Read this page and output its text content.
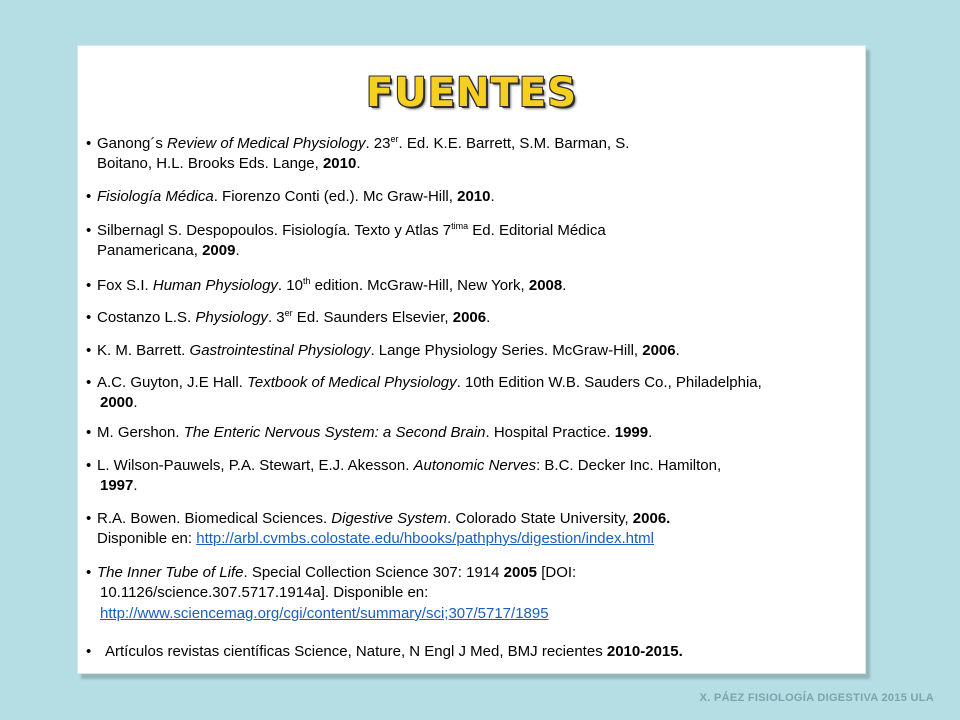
FUENTES
• Ganong´s Review of Medical Physiology. 23er. Ed. K.E. Barrett, S.M. Barman, S.
Boitano, H.L. Brooks Eds. Lange, 2010.
• Fisiología Médica. Fiorenzo Conti (ed.). Mc Graw-Hill, 2010.
• Silbernagl S. Despopoulos. Fisiología. Texto y Atlas $7^{tima}$ Ed. Editorial Médica
Panamericana, 2009.
• Fox S.I. Human Physiology. 10th edition. McGraw-Hill, New York, 2008.
• Costanzo L.S. Physiology. 3er Ed. Saunders Elsevier, 2006.
• K. M. Barrett. Gastrointestinal Physiology. Lange Physiology Series. McGraw-Hill, 2006.
• A.C. Guyton, J.E Hall. Textbook of Medical Physiology. 10th Edition W.B. Sauders Co., Philadelphia,
2000.
• M. Gershon. The Enteric Nervous System: a Second Brain. Hospital Practice. 1999.
• L. Wilson-Pauwels, P.A. Stewart, E.J. Akesson. Autonomic Nerves: B.C. Decker Inc. Hamilton,
1997.
• R.A. Bowen. Biomedical Sciences. Digestive System. Colorado State University, 2006.
Disponible en: http://arbl.cvmbs.colostate.edu/hbooks/pathphys/digestion/index.html
• The Inner Tube of Life. Special Collection Science 307: 1914 2005 [DOI:
10.1126/science.307.5717.1914a]. Disponible en:
http://www.sciencemag.org/cgi/content/summary/sci;307/5717/1895
• Artículos revistas científicas Science, Nature, N Engl J Med, BMJ recientes 2010-2015.
X. PÁEZ FISIOLOGÍA DIGESTIVA 2015 ULA
